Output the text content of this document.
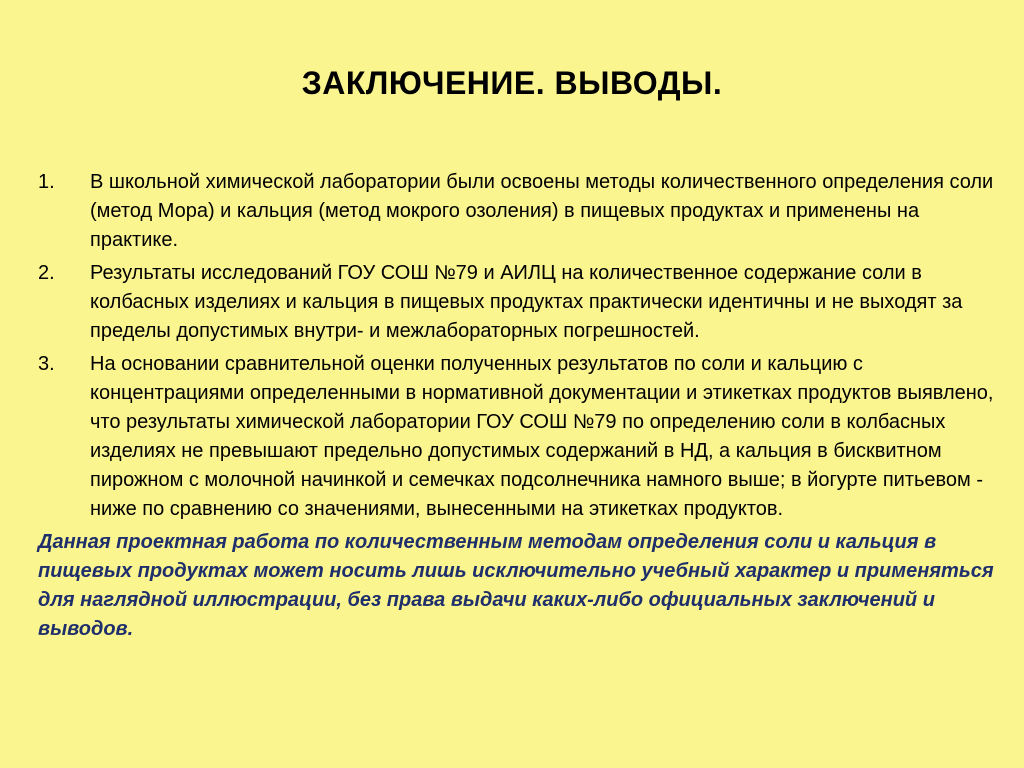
ЗАКЛЮЧЕНИЕ. ВЫВОДЫ.
1.	В школьной химической лаборатории были освоены методы количественного определения соли (метод Мора) и кальция (метод мокрого озоления) в пищевых продуктах и применены на практике.
2.	Результаты исследований ГОУ СОШ №79 и АИЛЦ на количественное содержание соли в колбасных изделиях и кальция в пищевых продуктах практически идентичны и не выходят за пределы допустимых внутри- и межлабораторных погрешностей.
3.	На основании сравнительной оценки полученных результатов по соли и кальцию с концентрациями определенными в нормативной документации и этикетках продуктов выявлено, что результаты химической лаборатории ГОУ СОШ №79 по определению соли в колбасных изделиях не превышают предельно допустимых содержаний в НД, а кальция в бисквитном пирожном с молочной начинкой и семечках подсолнечника намного выше; в йогурте питьевом - ниже по сравнению со значениями, вынесенными на этикетках продуктов.

Данная проектная работа по количественным методам определения соли и кальция в пищевых продуктах может носить лишь исключительно учебный характер и применяться для наглядной иллюстрации, без права выдачи каких-либо официальных заключений и выводов.
